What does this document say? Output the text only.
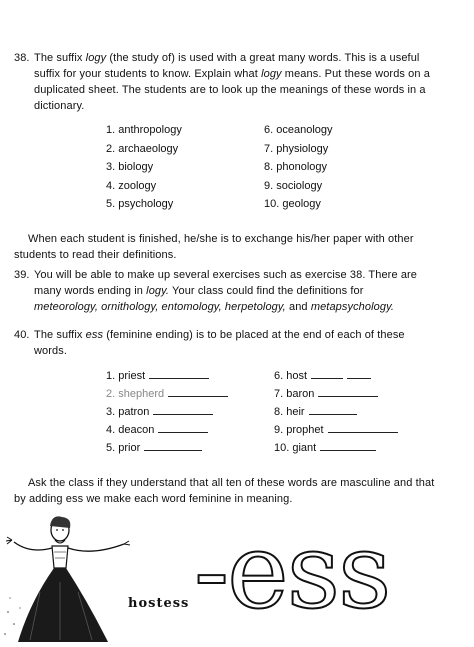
38. The suffix logy (the study of) is used with a great many words. This is a useful
suffix for your students to know. Explain what logy means. Put these words on a
duplicated sheet. The students are to look up the meanings of these words in a
dictionary.
1. anthropology
2. archaeology
3. biology
4. zoology
5. psychology
6. oceanology
7. physiology
8. phonology
9. sociology
10. geology
When each student is finished, he/she is to exchange his/her paper with other
students to read their definitions.
39. You will be able to make up several exercises such as exercise 38. There are
many words ending in logy. Your class could find the definitions for
meteorology, ornithology, entomology, herpetology, and metapsychology.
40. The suffix ess (feminine ending) is to be placed at the end of each of these
words.
1. priest
2. shepherd
3. patron
4. deacon
5. prior
6. host
7. baron
8. heir
9. prophet
10. giant
Ask the class if they understand that all ten of these words are masculine and that
by adding ess we make each word feminine in meaning.
hostess -ess
